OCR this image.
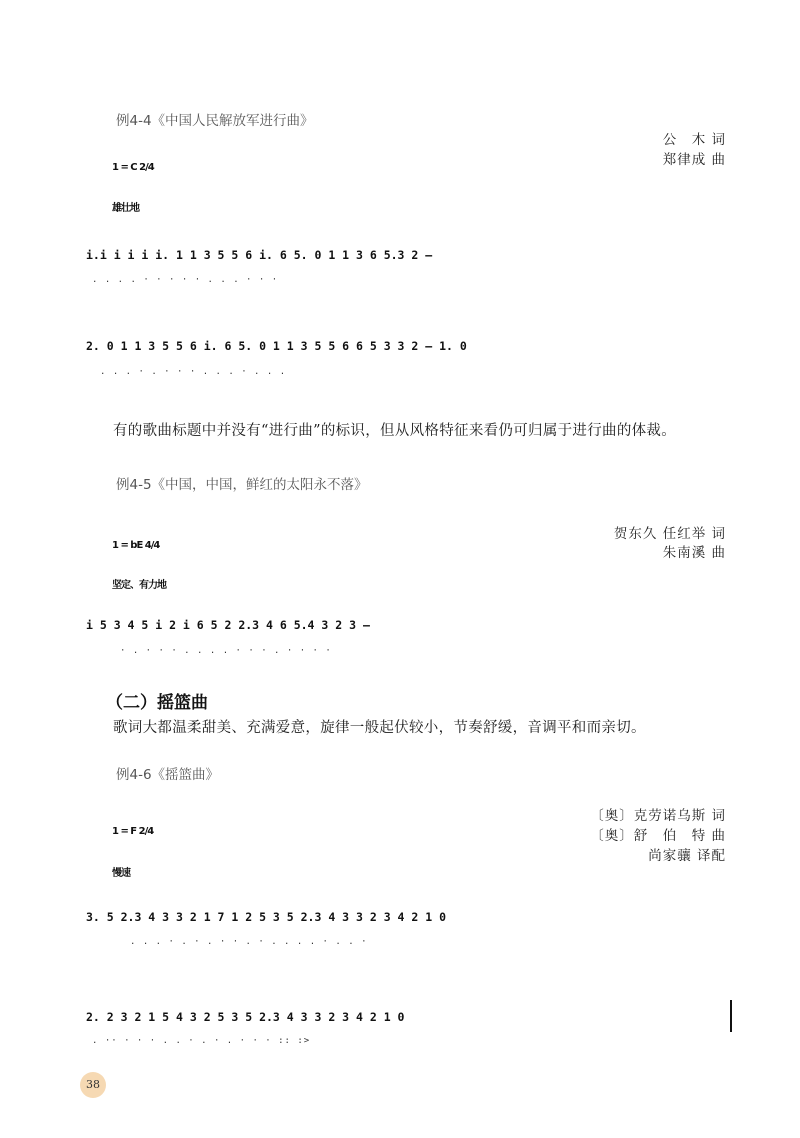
例4-4《中国人民解放军进行曲》
公　木 词
郑律成 曲
1 = C 2/4
雄壮地
i.i i i i i. 1 1 3 5 5 6 i. 6 5. 0 1 1 3 6 5.3 2 –
. . . . · · · · · . . . · · ·
2. 0 1 1 3 5 5 6 i. 6 5. 0 1 1 3 5 5 6 6 5 3 3 2 – 1. 0
. . . · . · · · . . . · . . .
有的歌曲标题中并没有“进行曲”的标识，但从风格特征来看仍可归属于进行曲的体裁。
例4-5《中国，中国，鲜红的太阳永不落》
贺东久 任红举 词
朱南溪 曲
1 = bE 4/4
坚定、有力地
i 5 3 4 5 i 2 i 6 5 2 2.3 4 6 5.4 3 2 3 –
· . · · · . . . . · · · . · · · ·
（二）摇篮曲
歌词大都温柔甜美、充满爱意，旋律一般起伏较小，节奏舒缓，音调平和而亲切。
例4-6《摇篮曲》
〔奥〕克劳诺乌斯 词
〔奥〕舒　伯　特 曲
尚家骧 译配
1 = F 2/4
慢速
3. 5 2.3 4 3 3 2 1 7 1 2 5 3 5 2.3 4 3 3 2 3 4 2 1 0
. . . · . · . · · . · . . . . · . . ·
2. 2 3 2 1 5 4 3 2 5 3 5 2.3 4 3 3 2 3 4 2 1 0
. ·· · · · . . · . · . · · · :: :>
38
